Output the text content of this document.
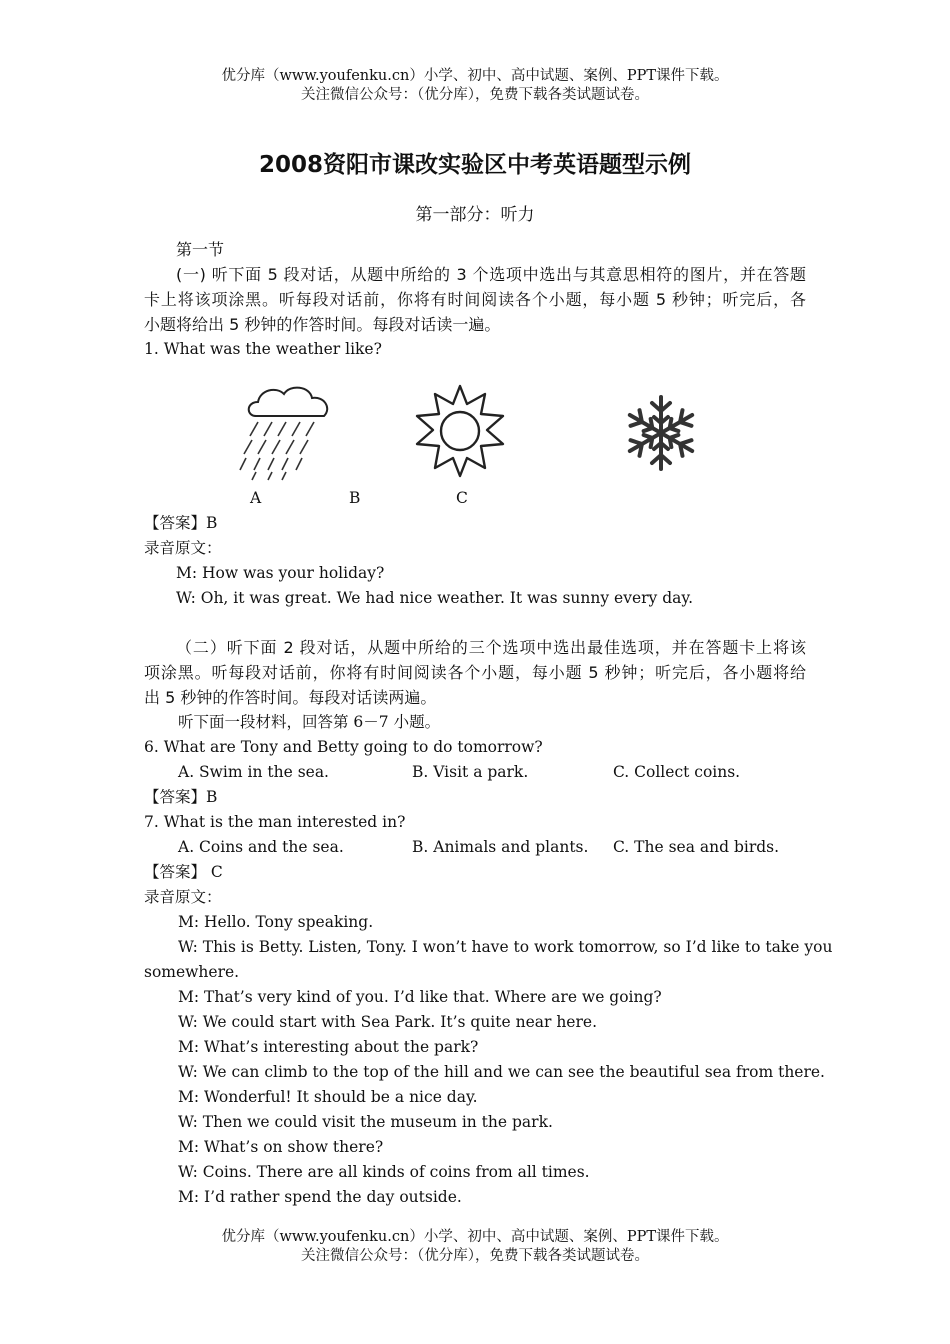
优分库（www.youfenku.cn）小学、初中、高中试题、案例、PPT课件下载。
关注微信公众号：（优分库），免费下载各类试题试卷。
2008资阳市课改实验区中考英语题型示例
第一部分：听力
第一节
(一) 听下面 5 段对话，从题中所给的 3 个选项中选出与其意思相符的图片，并在答题
卡上将该项涂黑。听每段对话前，你将有时间阅读各个小题，每小题 5 秒钟；听完后，各
小题将给出 5 秒钟的作答时间。每段对话读一遍。
1. What was the weather like?
A	B	C
【答案】B
录音原文：
M: How was your holiday?
W: Oh, it was great. We had nice weather. It was sunny every day.
（二）听下面 2 段对话，从题中所给的三个选项中选出最佳选项，并在答题卡上将该
项涂黑。听每段对话前，你将有时间阅读各个小题，每小题 5 秒钟；听完后，各小题将给
出 5 秒钟的作答时间。每段对话读两遍。
听下面一段材料，回答第 6－7 小题。
6. What are Tony and Betty going to do tomorrow?
A. Swim in the sea.	B. Visit a park.	C. Collect coins.
【答案】B
7. What is the man interested in?
A. Coins and the sea.	B. Animals and plants. C. The sea and birds.
【答案】 C
录音原文：
M: Hello. Tony speaking.
W: This is Betty. Listen, Tony. I won’t have to work tomorrow, so I’d like to take you
somewhere.
M: That’s very kind of you. I’d like that. Where are we going?
W: We could start with Sea Park. It’s quite near here.
M: What’s interesting about the park?
W: We can climb to the top of the hill and we can see the beautiful sea from there.
M: Wonderful! It should be a nice day.
W: Then we could visit the museum in the park.
M: What’s on show there?
W: Coins. There are all kinds of coins from all times.
M: I’d rather spend the day outside.
优分库（www.youfenku.cn）小学、初中、高中试题、案例、PPT课件下载。
关注微信公众号：（优分库），免费下载各类试题试卷。
